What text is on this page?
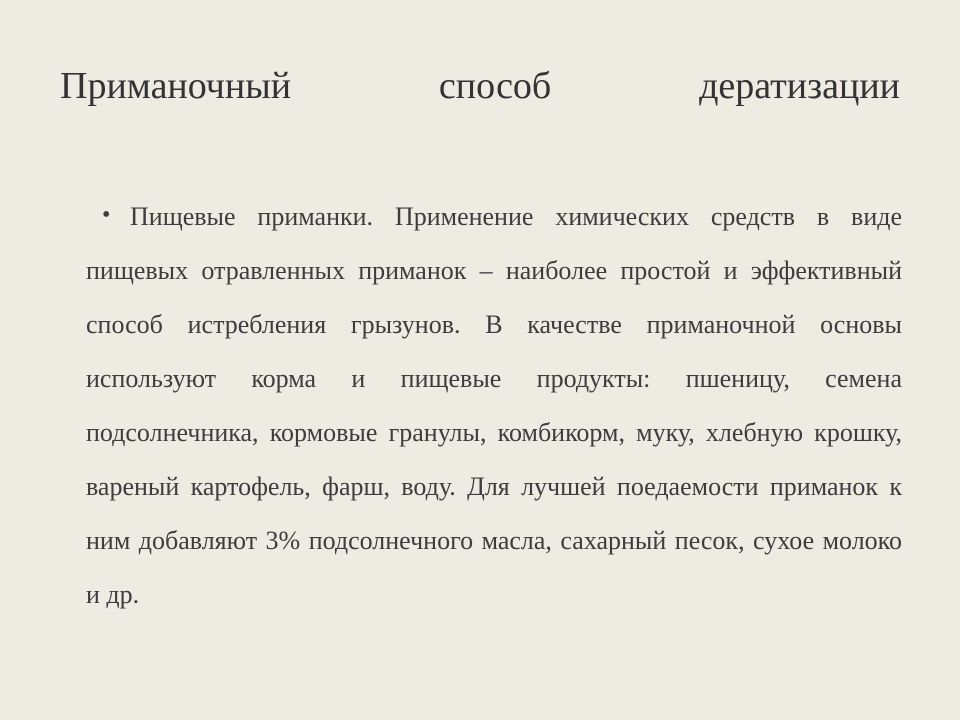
Приманочный способ дератизации
• Пищевые приманки. Применение химических средств в виде пищевых отравленных приманок – наиболее простой и эффективный способ истребления грызунов. В качестве приманочной основы используют корма и пищевые продукты: пшеницу, семена подсолнечника, кормовые гранулы, комбикорм, муку, хлебную крошку, вареный картофель, фарш, воду. Для лучшей поедаемости приманок к ним добавляют 3% подсолнечного масла, сахарный песок, сухое молоко и др.
